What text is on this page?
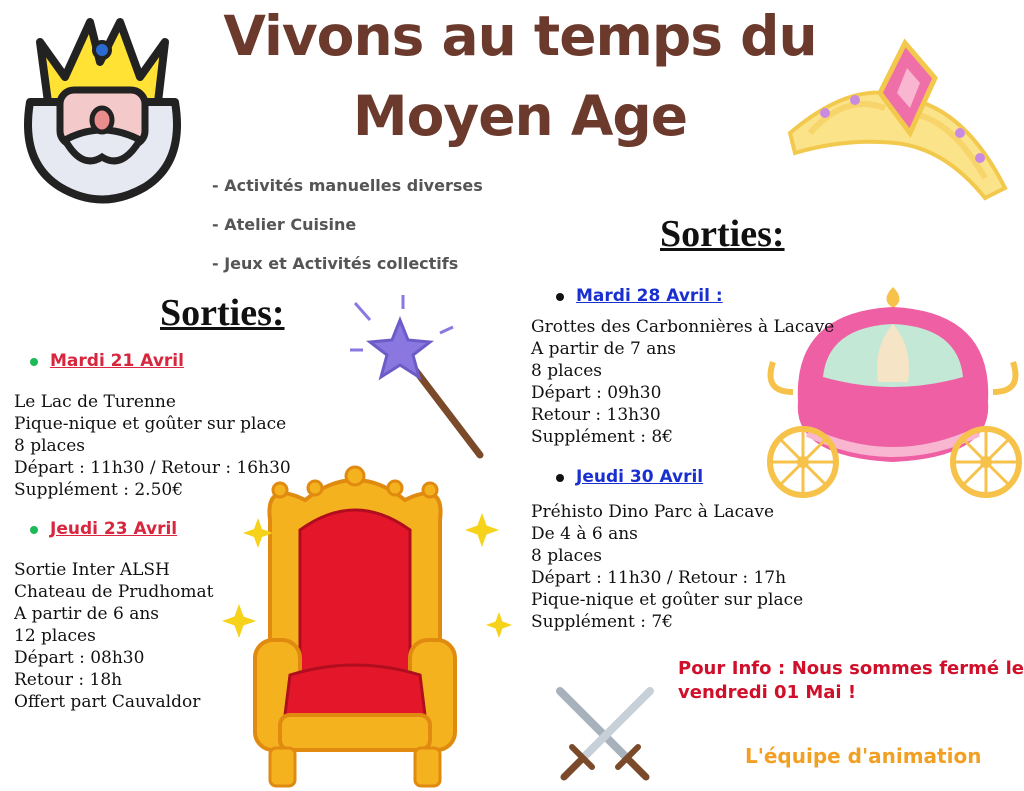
Vivons au temps du
Moyen Age
- Activités manuelles diverses
- Atelier Cuisine
- Jeux et Activités collectifs
Sorties:
Mardi 21 Avril
Le Lac de Turenne
Pique-nique et goûter sur place
8 places
Départ : 11h30 / Retour : 16h30
Supplément : 2.50€
Jeudi 23 Avril
Sortie Inter ALSH
Chateau de Prudhomat
A partir de 6 ans
12 places
Départ : 08h30
Retour : 18h
Offert part Cauvaldor
Sorties:
Mardi 28 Avril :
Grottes des Carbonnières à Lacave
A partir de 7 ans
8 places
Départ : 09h30
Retour : 13h30
Supplément : 8€
Jeudi 30 Avril
Préhisto Dino Parc à Lacave
De 4 à 6 ans
8 places
Départ : 11h30 / Retour : 17h
Pique-nique et goûter sur place
Supplément : 7€
Pour Info : Nous sommes fermé le vendredi 01 Mai !
L'équipe d'animation
